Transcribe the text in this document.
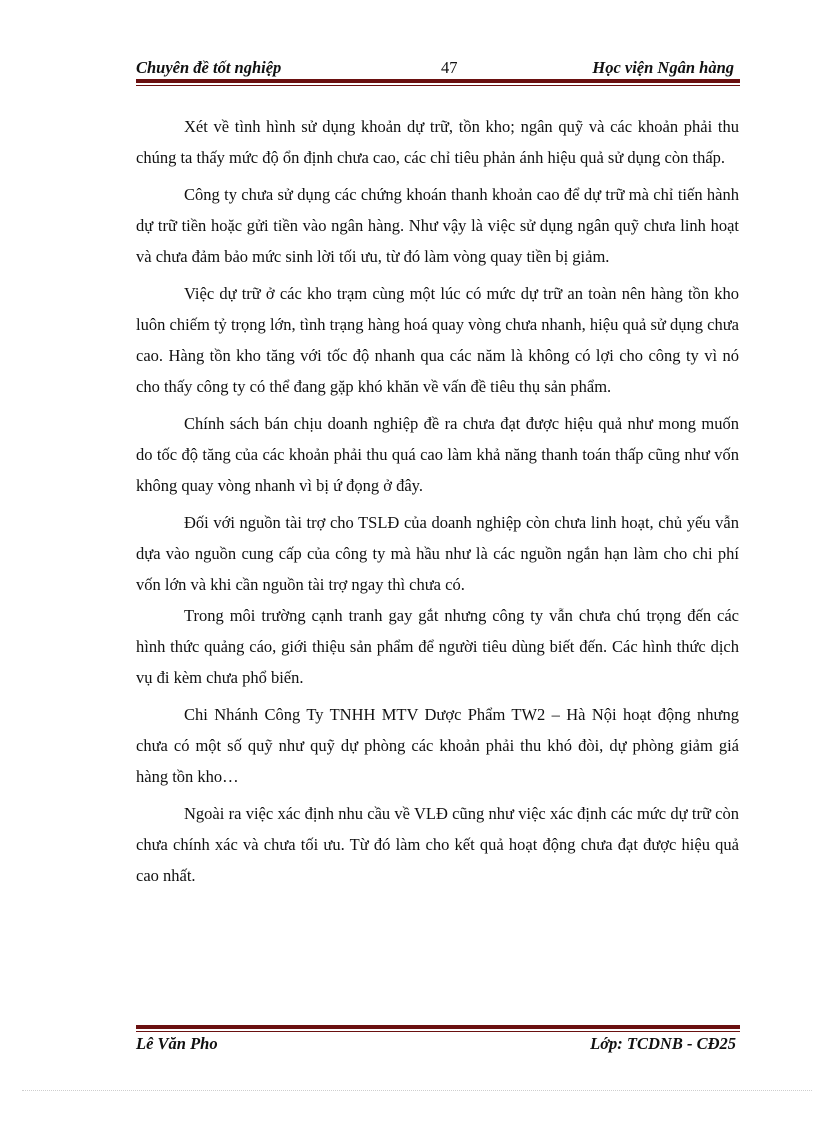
Chuyên đề tốt nghiệp	47	Học viện Ngân hàng

Xét về tình hình sử dụng khoản dự trữ, tồn kho; ngân quỹ và các khoản phải thu chúng ta thấy mức độ ổn định chưa cao, các chỉ tiêu phản ánh hiệu quả sử dụng còn thấp.

Công ty chưa sử dụng các chứng khoán thanh khoản cao để dự trữ mà chỉ tiến hành dự trữ tiền hoặc gửi tiền vào ngân hàng. Như vậy là việc sử dụng ngân quỹ chưa linh hoạt và chưa đảm bảo mức sinh lời tối ưu, từ đó làm vòng quay tiền bị giảm.

Việc dự trữ ở các kho trạm cùng một lúc có mức dự trữ an toàn nên hàng tồn kho luôn chiếm tỷ trọng lớn, tình trạng hàng hoá quay vòng chưa nhanh, hiệu quả sử dụng chưa cao. Hàng tồn kho tăng với tốc độ nhanh qua các năm là không có lợi cho công ty vì nó cho thấy công ty có thể đang gặp khó khăn về vấn đề tiêu thụ sản phẩm.

Chính sách bán chịu doanh nghiệp đề ra chưa đạt được hiệu quả như mong muốn do tốc độ tăng của các khoản phải thu quá cao làm khả năng thanh toán thấp cũng như vốn không quay vòng nhanh vì bị ứ đọng ở đây.

Đối với nguồn tài trợ cho TSLĐ của doanh nghiệp còn chưa linh hoạt, chủ yếu vẫn dựa vào nguồn cung cấp của công ty mà hầu như là các nguồn ngắn hạn làm cho chi phí vốn lớn và khi cần nguồn tài trợ ngay thì chưa có.

Trong môi trường cạnh tranh gay gắt nhưng công ty vẫn chưa chú trọng đến các hình thức quảng cáo, giới thiệu sản phẩm để người tiêu dùng biết đến. Các hình thức dịch vụ đi kèm chưa phổ biến.

Chi Nhánh Công Ty TNHH MTV Dược Phẩm TW2 – Hà Nội hoạt động nhưng chưa có một số quỹ như quỹ dự phòng các khoản phải thu khó đòi, dự phòng giảm giá hàng tồn kho…

Ngoài ra việc xác định nhu cầu về VLĐ cũng như việc xác định các mức dự trữ còn chưa chính xác và chưa tối ưu. Từ đó làm cho kết quả hoạt động chưa đạt được hiệu quả cao nhất.

Lê Văn Pho	Lớp: TCDNB - CĐ25
